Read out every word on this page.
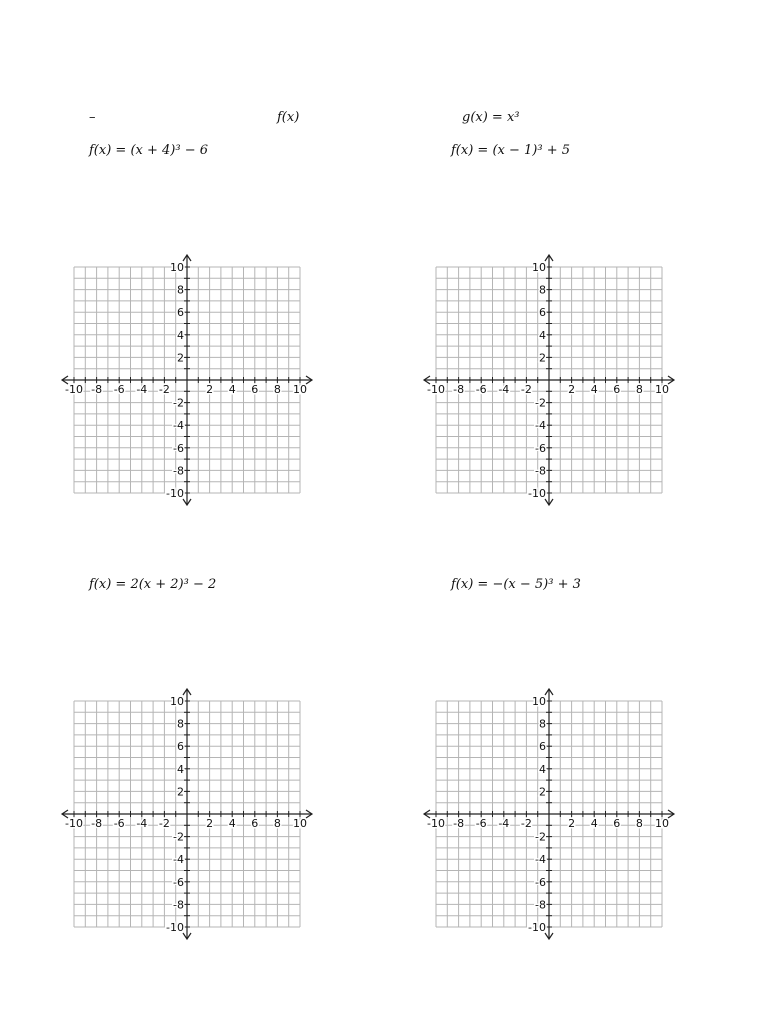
–	f(x)	g(x) = x³
f(x) = (x + 4)³ − 6	f(x) = (x − 1)³ + 5
f(x) = 2(x + 2)³ − 2	f(x) = −(x − 5)³ + 3
-10 -8 -6 -4 -2	2 4 6 8 10
10
8
6
4
2
-2
-4
-6
-8
-10
-10 -8 -6 -4 -2	2 4 6 8 10
10
8
6
4
2
-2
-4
-6
-8
-10
-10 -8 -6 -4 -2	2 4 6 8 10
10
8
6
4
2
-2
-4
-6
-8
-10
-10 -8 -6 -4 -2	2 4 6 8 10
10
8
6
4
2
-2
-4
-6
-8
-10
